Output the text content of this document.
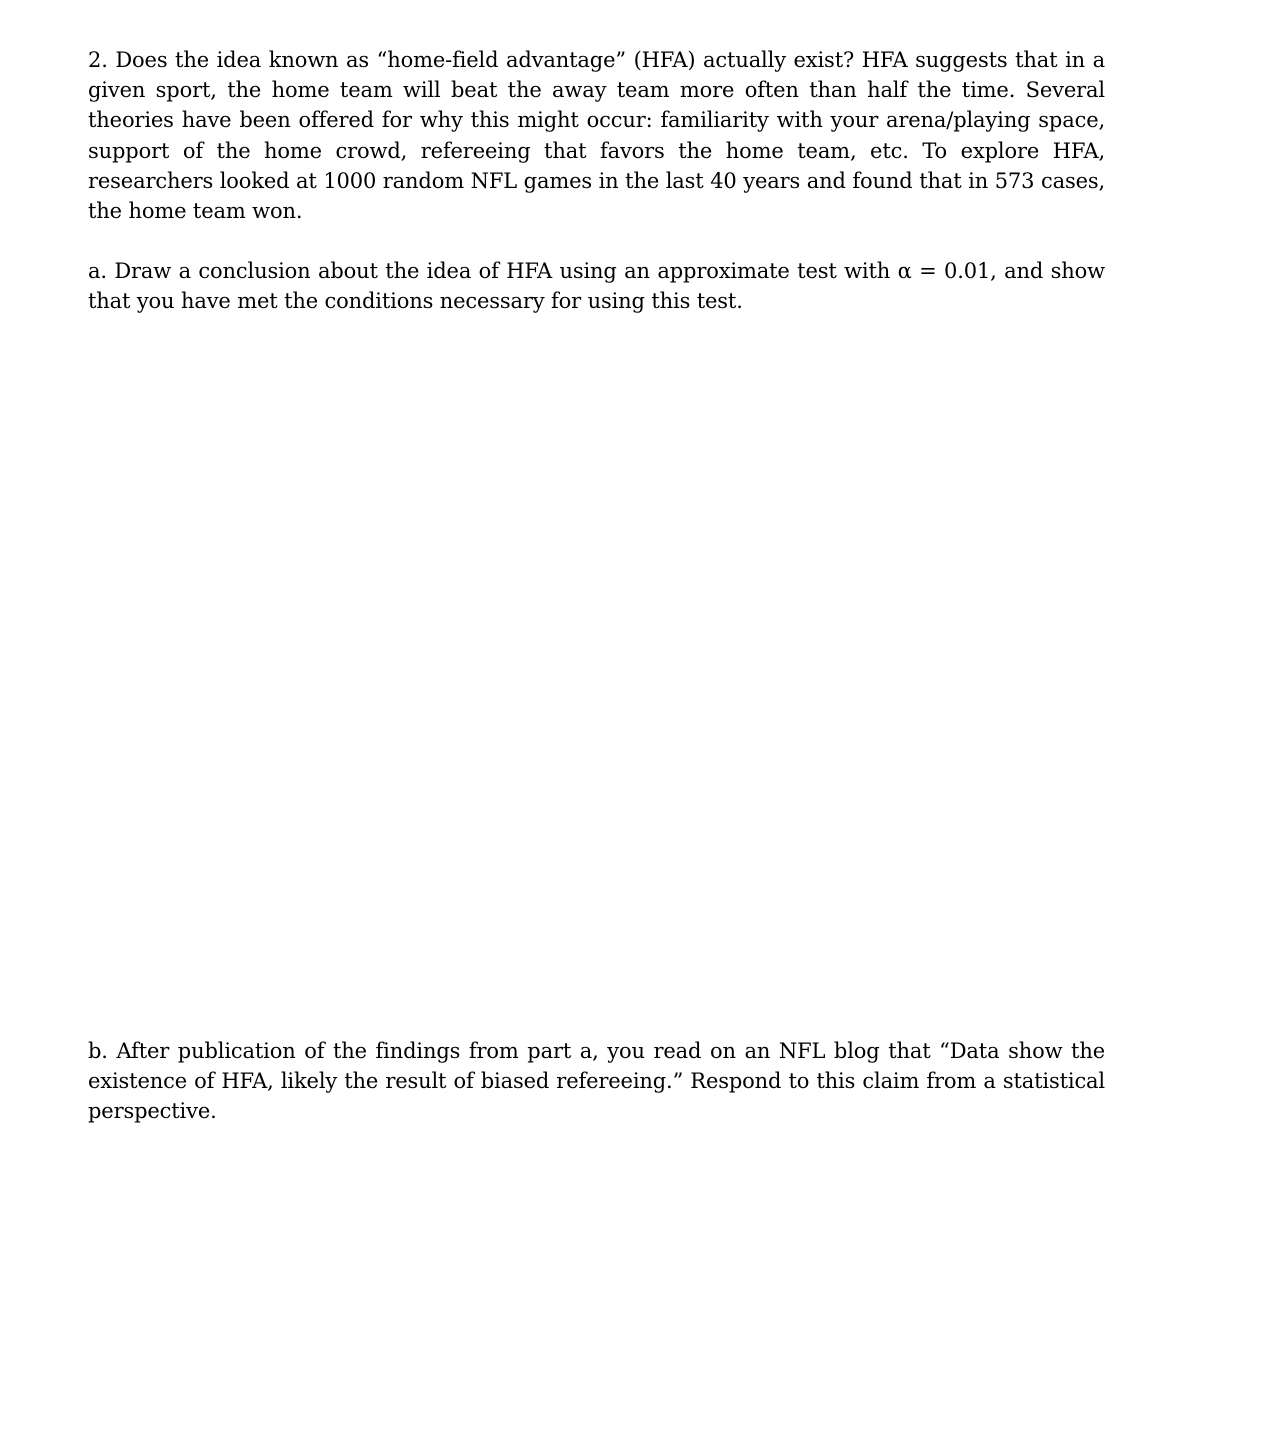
2. Does the idea known as “home-field advantage” (HFA) actually exist? HFA suggests that in a given sport, the home team will beat the away team more often than half the time. Several theories have been offered for why this might occur: familiarity with your arena/playing space, support of the home crowd, refereeing that favors the home team, etc. To explore HFA, researchers looked at 1000 random NFL games in the last 40 years and found that in 573 cases, the home team won.

a. Draw a conclusion about the idea of HFA using an approximate test with α = 0.01, and show that you have met the conditions necessary for using this test.

b. After publication of the findings from part a, you read on an NFL blog that “Data show the existence of HFA, likely the result of biased refereeing.” Respond to this claim from a statistical perspective.
